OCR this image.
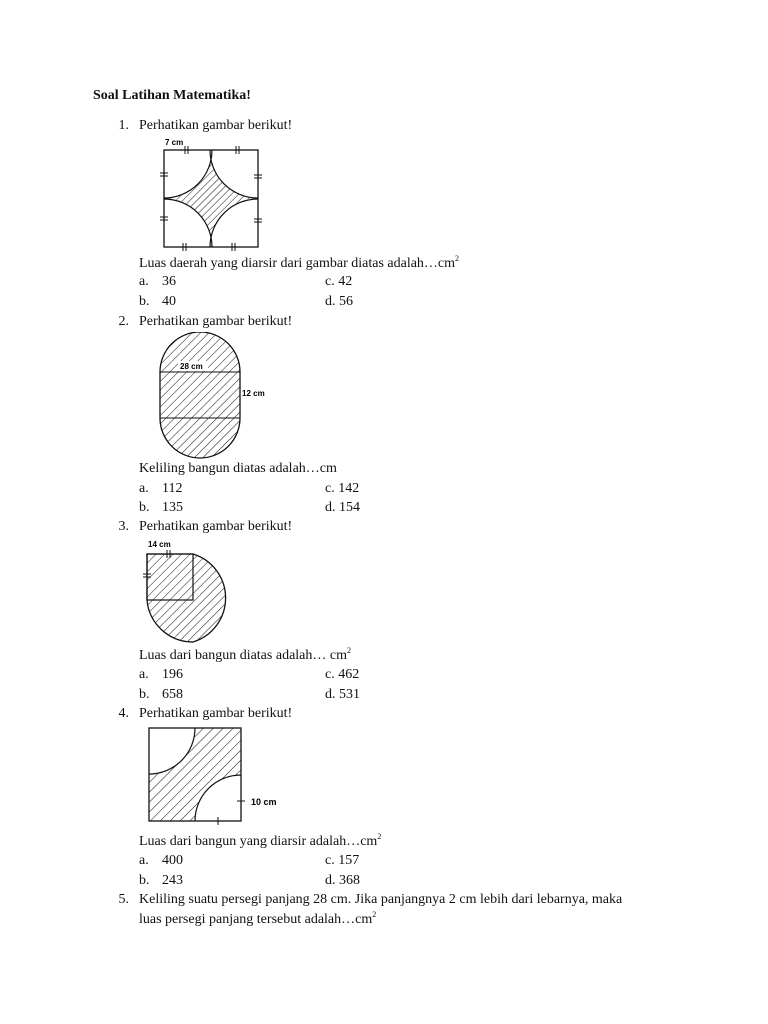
Soal Latihan Matematika!
1. Perhatikan gambar berikut!
7 cm
Luas daerah yang diarsir dari gambar diatas $adalah\dots cm^2$
a. 36	c. 42
b. 40	d. 56
2. Perhatikan gambar berikut!
28 cm
12 cm
Keliling bangun diatas adalah…cm
a. 112	c. 142
b. 135	d. 154
3. Perhatikan gambar berikut!
14 cm
Luas dari bangun diatas adalah… $cm^2$
a. 196	c. 462
b. 658	d. 531
4. Perhatikan gambar berikut!
10 cm
Luas dari bangun yang diarsir $adalah\dots cm^2$
a. 400	c. 157
b. 243	d. 368
5. Keliling suatu persegi panjang 28 cm. Jika panjangnya 2 cm lebih dari lebarnya, maka
luas persegi panjang tersebut $adalah\dots cm^2$
